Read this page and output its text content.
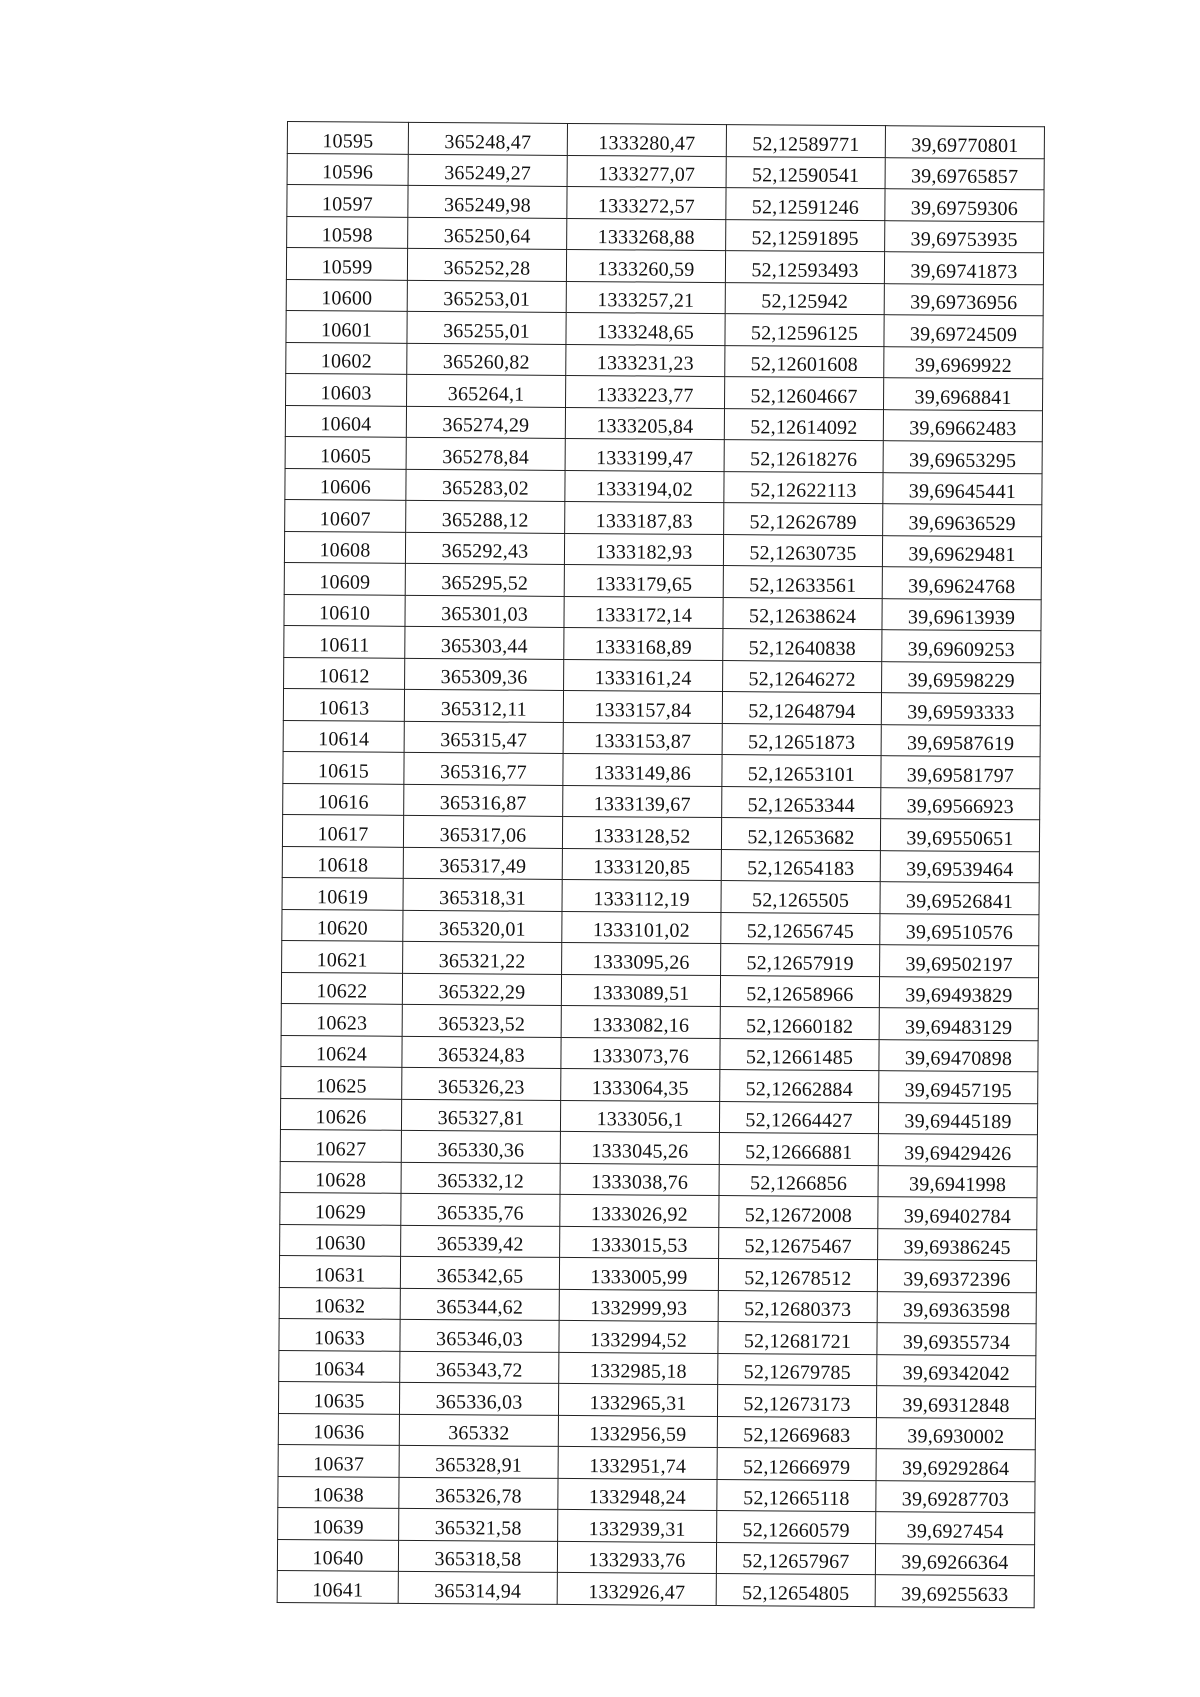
10595	365248,47	1333280,47	52,12589771	39,69770801
10596	365249,27	1333277,07	52,12590541	39,69765857
10597	365249,98	1333272,57	52,12591246	39,69759306
10598	365250,64	1333268,88	52,12591895	39,69753935
10599	365252,28	1333260,59	52,12593493	39,69741873
10600	365253,01	1333257,21	52,125942	39,69736956
10601	365255,01	1333248,65	52,12596125	39,69724509
10602	365260,82	1333231,23	52,12601608	39,6969922
10603	365264,1	1333223,77	52,12604667	39,6968841
10604	365274,29	1333205,84	52,12614092	39,69662483
10605	365278,84	1333199,47	52,12618276	39,69653295
10606	365283,02	1333194,02	52,12622113	39,69645441
10607	365288,12	1333187,83	52,12626789	39,69636529
10608	365292,43	1333182,93	52,12630735	39,69629481
10609	365295,52	1333179,65	52,12633561	39,69624768
10610	365301,03	1333172,14	52,12638624	39,69613939
10611	365303,44	1333168,89	52,12640838	39,69609253
10612	365309,36	1333161,24	52,12646272	39,69598229
10613	365312,11	1333157,84	52,12648794	39,69593333
10614	365315,47	1333153,87	52,12651873	39,69587619
10615	365316,77	1333149,86	52,12653101	39,69581797
10616	365316,87	1333139,67	52,12653344	39,69566923
10617	365317,06	1333128,52	52,12653682	39,69550651
10618	365317,49	1333120,85	52,12654183	39,69539464
10619	365318,31	1333112,19	52,1265505	39,69526841
10620	365320,01	1333101,02	52,12656745	39,69510576
10621	365321,22	1333095,26	52,12657919	39,69502197
10622	365322,29	1333089,51	52,12658966	39,69493829
10623	365323,52	1333082,16	52,12660182	39,69483129
10624	365324,83	1333073,76	52,12661485	39,69470898
10625	365326,23	1333064,35	52,12662884	39,69457195
10626	365327,81	1333056,1	52,12664427	39,69445189
10627	365330,36	1333045,26	52,12666881	39,69429426
10628	365332,12	1333038,76	52,1266856	39,6941998
10629	365335,76	1333026,92	52,12672008	39,69402784
10630	365339,42	1333015,53	52,12675467	39,69386245
10631	365342,65	1333005,99	52,12678512	39,69372396
10632	365344,62	1332999,93	52,12680373	39,69363598
10633	365346,03	1332994,52	52,12681721	39,69355734
10634	365343,72	1332985,18	52,12679785	39,69342042
10635	365336,03	1332965,31	52,12673173	39,69312848
10636	365332	1332956,59	52,12669683	39,6930002
10637	365328,91	1332951,74	52,12666979	39,69292864
10638	365326,78	1332948,24	52,12665118	39,69287703
10639	365321,58	1332939,31	52,12660579	39,6927454
10640	365318,58	1332933,76	52,12657967	39,69266364
10641	365314,94	1332926,47	52,12654805	39,69255633
